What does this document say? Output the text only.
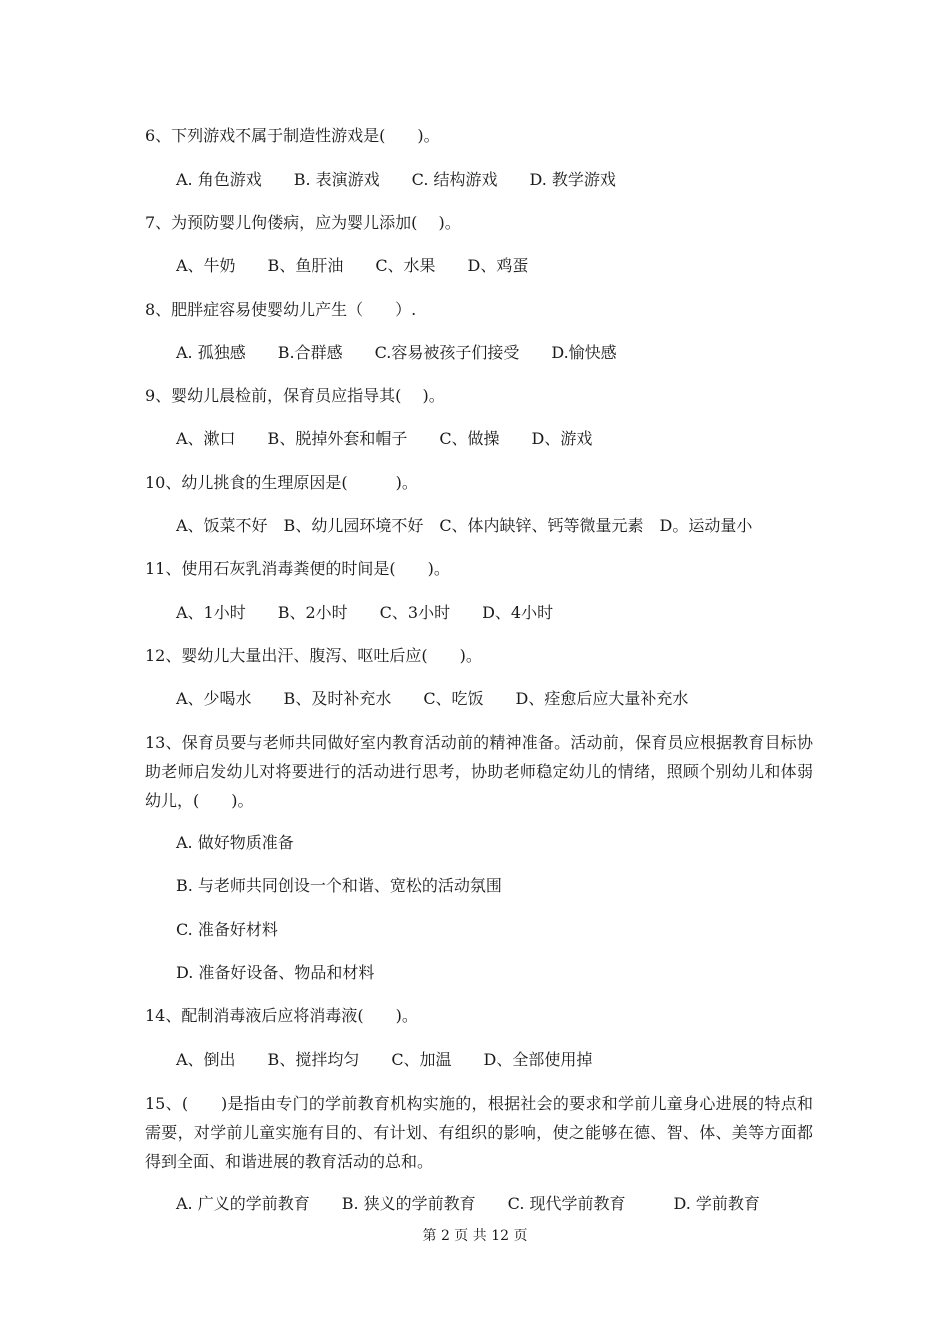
6、下列游戏不属于制造性游戏是(　　)。
A. 角色游戏　　B. 表演游戏　　C. 结构游戏　　D. 教学游戏
7、为预防婴儿佝偻病，应为婴儿添加(　 )。
A、牛奶　　B、鱼肝油　　C、水果　　D、鸡蛋
8、肥胖症容易使婴幼儿产生（　　）.
A. 孤独感　　B.合群感　　C.容易被孩子们接受　　D.愉快感
9、婴幼儿晨检前，保育员应指导其(　 )。
A、漱口　　B、脱掉外套和帽子　　C、做操　　D、游戏
10、幼儿挑食的生理原因是(　　　)。
A、饭菜不好　B、幼儿园环境不好　C、体内缺锌、钙等微量元素　D。运动量小
11、使用石灰乳消毒粪便的时间是(　　)。
A、1小时　　B、2小时　　C、3小时　　D、4小时
12、婴幼儿大量出汗、腹泻、呕吐后应(　　)。
A、少喝水　　B、及时补充水　　C、吃饭　　D、痊愈后应大量补充水
13、保育员要与老师共同做好室内教育活动前的精神准备。活动前，保育员应根据教育目标协助老师启发幼儿对将要进行的活动进行思考，协助老师稳定幼儿的情绪，照顾个别幼儿和体弱幼儿，(　　)。
A. 做好物质准备
B. 与老师共同创设一个和谐、宽松的活动氛围
C. 准备好材料
D. 准备好设备、物品和材料
14、配制消毒液后应将消毒液(　　)。
A、倒出　　B、搅拌均匀　　C、加温　　D、全部使用掉
15、(　　)是指由专门的学前教育机构实施的，根据社会的要求和学前儿童身心进展的特点和需要，对学前儿童实施有目的、有计划、有组织的影响，使之能够在德、智、体、美等方面都得到全面、和谐进展的教育活动的总和。
A. 广义的学前教育　　B. 狭义的学前教育　　C. 现代学前教育　　　D. 学前教育
第 2 页 共 12 页
